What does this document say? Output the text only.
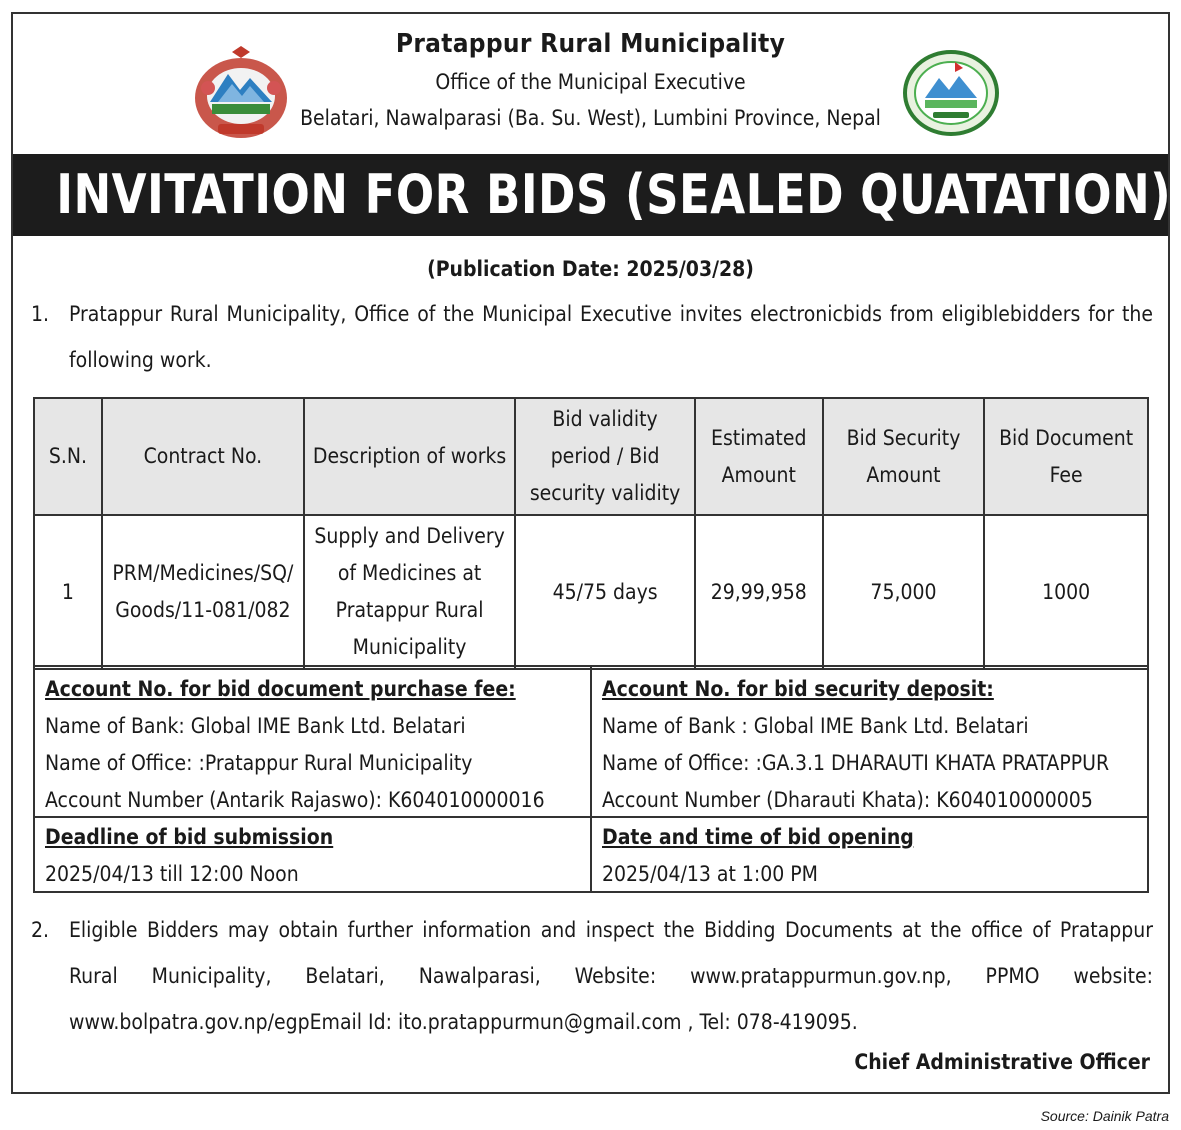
Pratappur Rural Municipality
Office of the Municipal Executive
Belatari, Nawalparasi (Ba. Su. West), Lumbini Province, Nepal
INVITATION FOR BIDS (SEALED QUATATION)
(Publication Date: 2025/03/28)
1. Pratappur Rural Municipality, Office of the Municipal Executive invites electronicbids from eligiblebidders for the following work.
S.N.	Contract No.	Description of works	Bid validity period / Bid security validity	Estimated Amount	Bid Security Amount	Bid Document Fee
1	PRM/Medicines/SQ/ Goods/11-081/082	Supply and Delivery of Medicines at Pratappur Rural Municipality	45/75 days	29,99,958	75,000	1000
Account No. for bid document purchase fee:
Name of Bank: Global IME Bank Ltd. Belatari
Name of Office: :Pratappur Rural Municipality
Account Number (Antarik Rajaswo): K604010000016
Account No. for bid security deposit:
Name of Bank : Global IME Bank Ltd. Belatari
Name of Office: :GA.3.1 DHARAUTI KHATA PRATAPPUR
Account Number (Dharauti Khata): K604010000005
Deadline of bid submission
2025/04/13 till 12:00 Noon
Date and time of bid opening
2025/04/13 at 1:00 PM
2. Eligible Bidders may obtain further information and inspect the Bidding Documents at the office of Pratappur Rural Municipality, Belatari, Nawalparasi, Website: www.pratappurmun.gov.np, PPMO website: www.bolpatra.gov.np/egpEmail Id: ito.pratappurmun@gmail.com , Tel: 078-419095.
Chief Administrative Officer
Source: Dainik Patra
